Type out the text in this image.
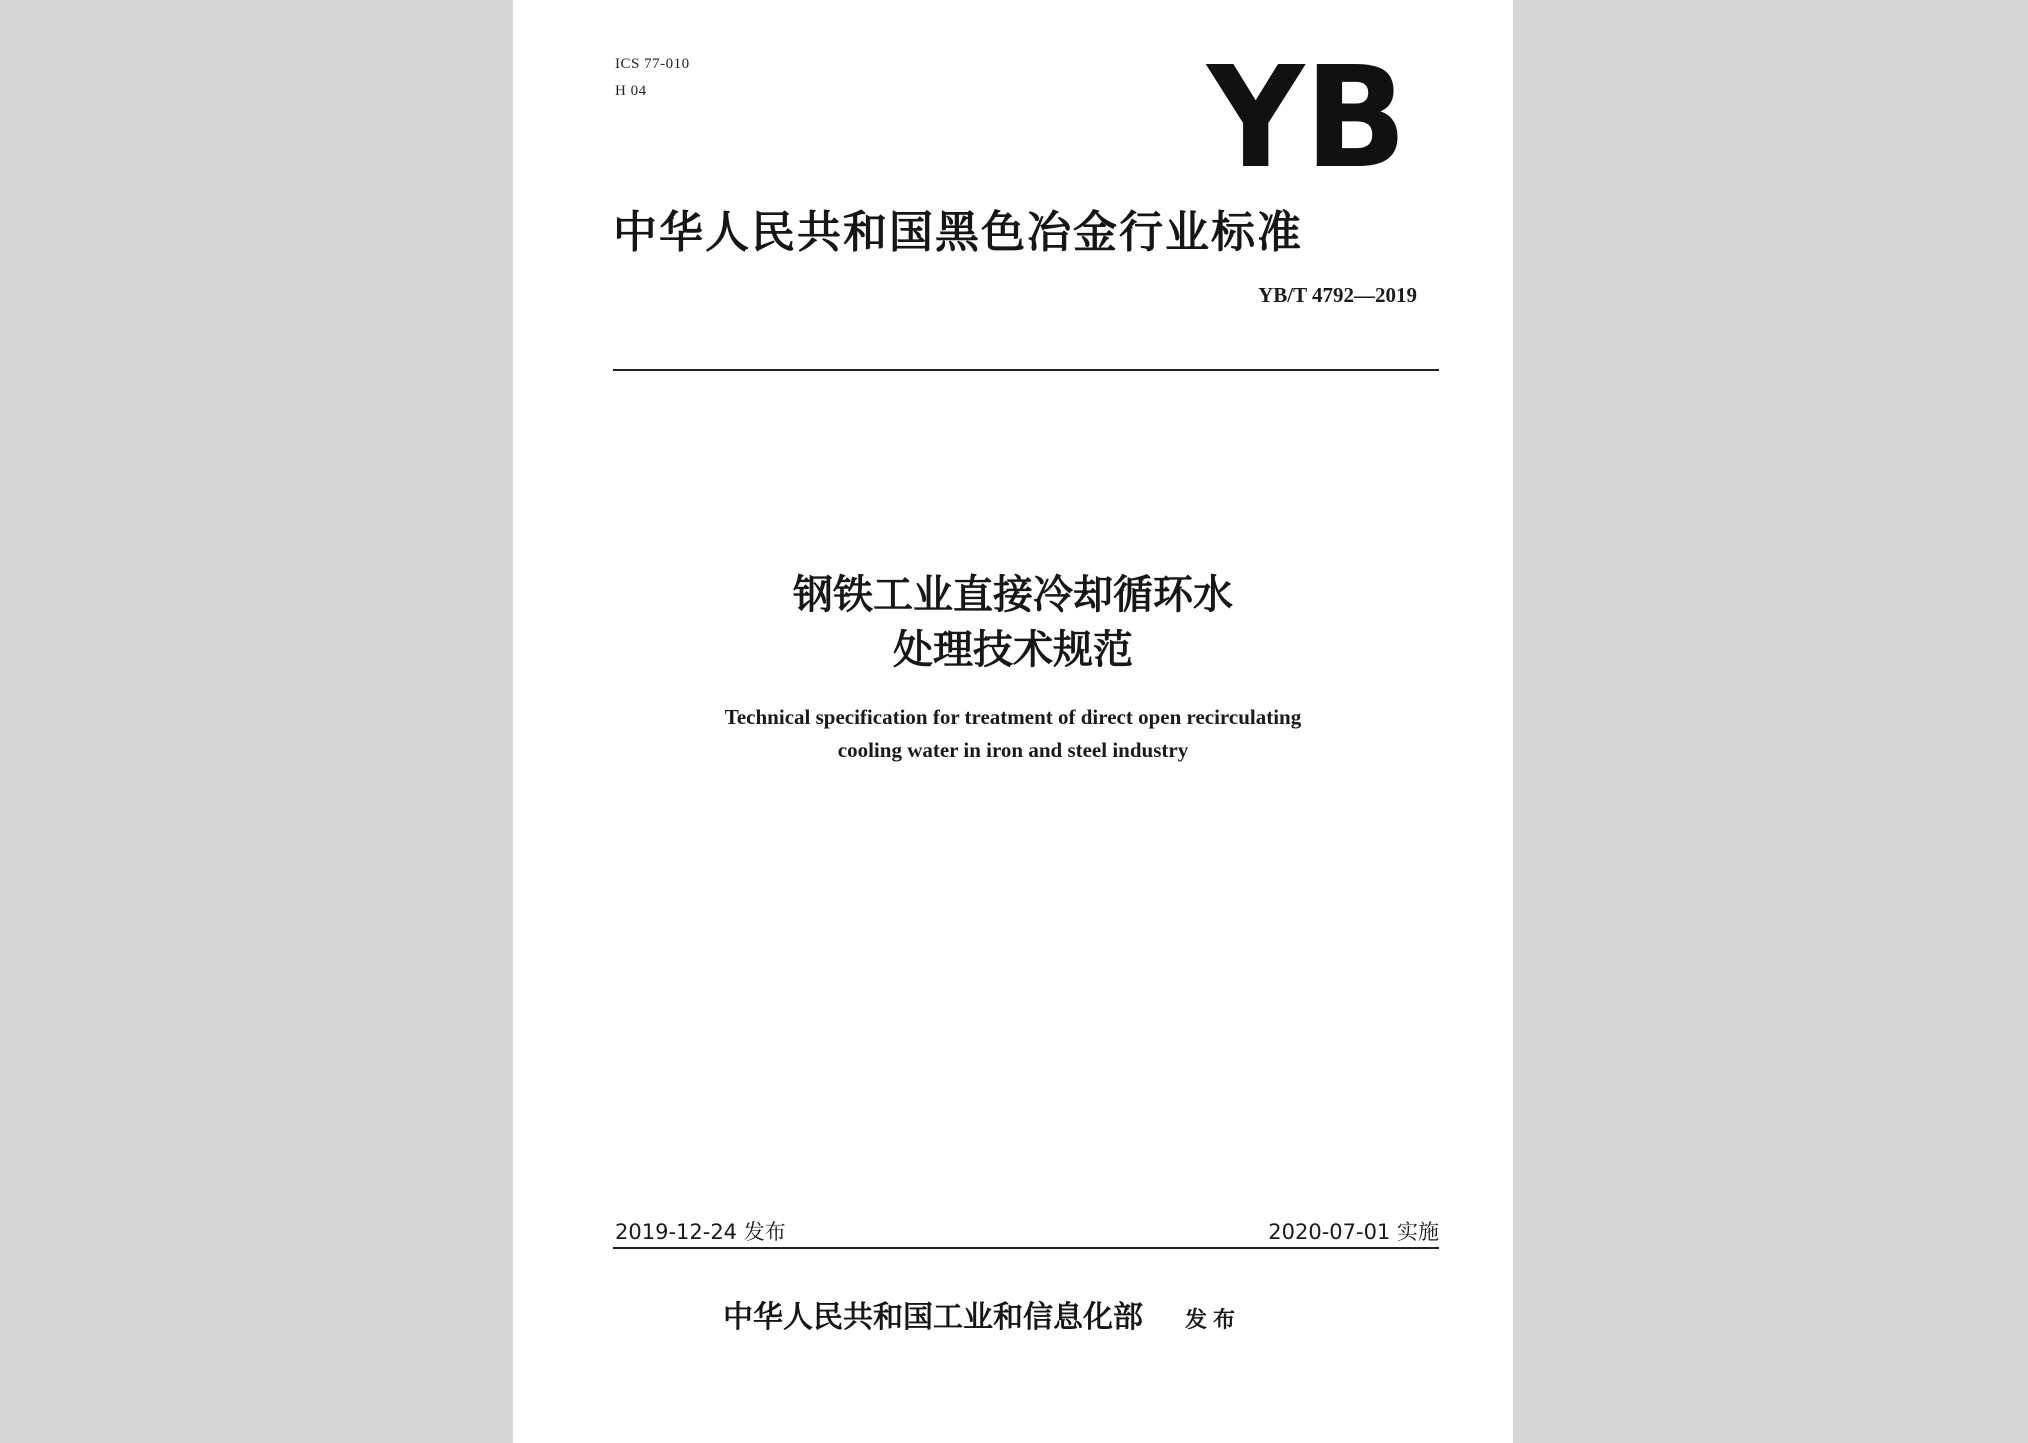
ICS 77-010
H 04	YB
中华人民共和国黑色冶金行业标准
YB/T 4792—2019
钢铁工业直接冷却循环水
处理技术规范
Technical specification for treatment of direct open recirculating
cooling water in iron and steel industry
2019-12-24 发布	2020-07-01 实施
中华人民共和国工业和信息化部 发布
